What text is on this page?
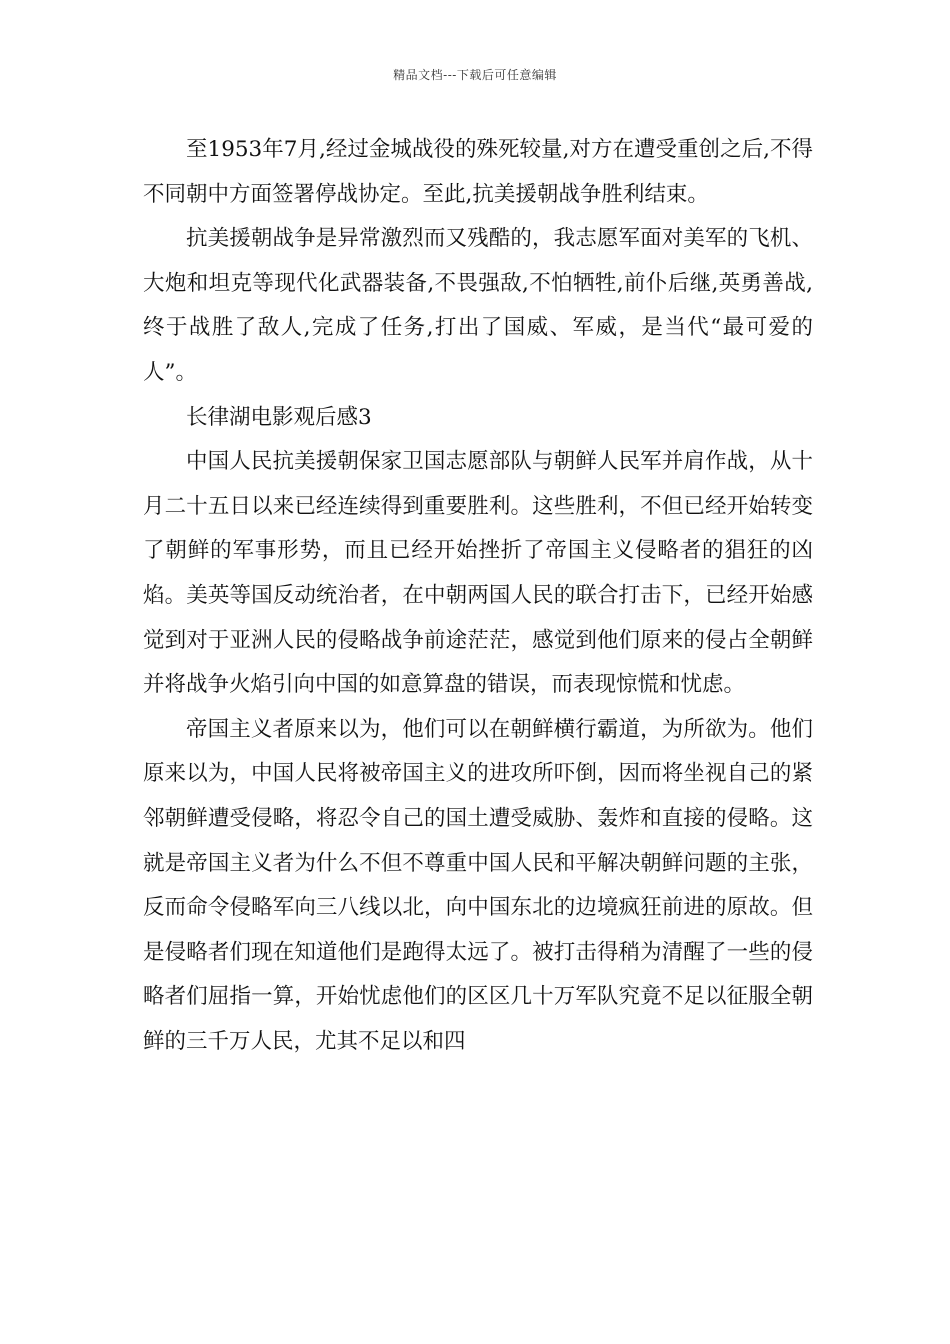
精品文档---下载后可任意编辑

至1953年7月,经过金城战役的殊死较量,对方在遭受重创之后,不得不同朝中方面签署停战协定。至此,抗美援朝战争胜利结束。

抗美援朝战争是异常激烈而又残酷的，我志愿军面对美军的飞机、大炮和坦克等现代化武器装备,不畏强敌,不怕牺牲,前仆后继,英勇善战,终于战胜了敌人,完成了任务,打出了国威、军威，是当代“最可爱的人”。

长律湖电影观后感3

中国人民抗美援朝保家卫国志愿部队与朝鲜人民军并肩作战，从十月二十五日以来已经连续得到重要胜利。这些胜利，不但已经开始转变了朝鲜的军事形势，而且已经开始挫折了帝国主义侵略者的猖狂的凶焰。美英等国反动统治者，在中朝两国人民的联合打击下，已经开始感觉到对于亚洲人民的侵略战争前途茫茫，感觉到他们原来的侵占全朝鲜并将战争火焰引向中国的如意算盘的错误，而表现惊慌和忧虑。

帝国主义者原来以为，他们可以在朝鲜横行霸道，为所欲为。他们原来以为，中国人民将被帝国主义的进攻所吓倒，因而将坐视自己的紧邻朝鲜遭受侵略，将忍令自己的国土遭受威胁、轰炸和直接的侵略。这就是帝国主义者为什么不但不尊重中国人民和平解决朝鲜问题的主张，反而命令侵略军向三八线以北，向中国东北的边境疯狂前进的原故。但是侵略者们现在知道他们是跑得太远了。被打击得稍为清醒了一些的侵略者们屈指一算，开始忧虑他们的区区几十万军队究竟不足以征服全朝鲜的三千万人民，尤其不足以和四
